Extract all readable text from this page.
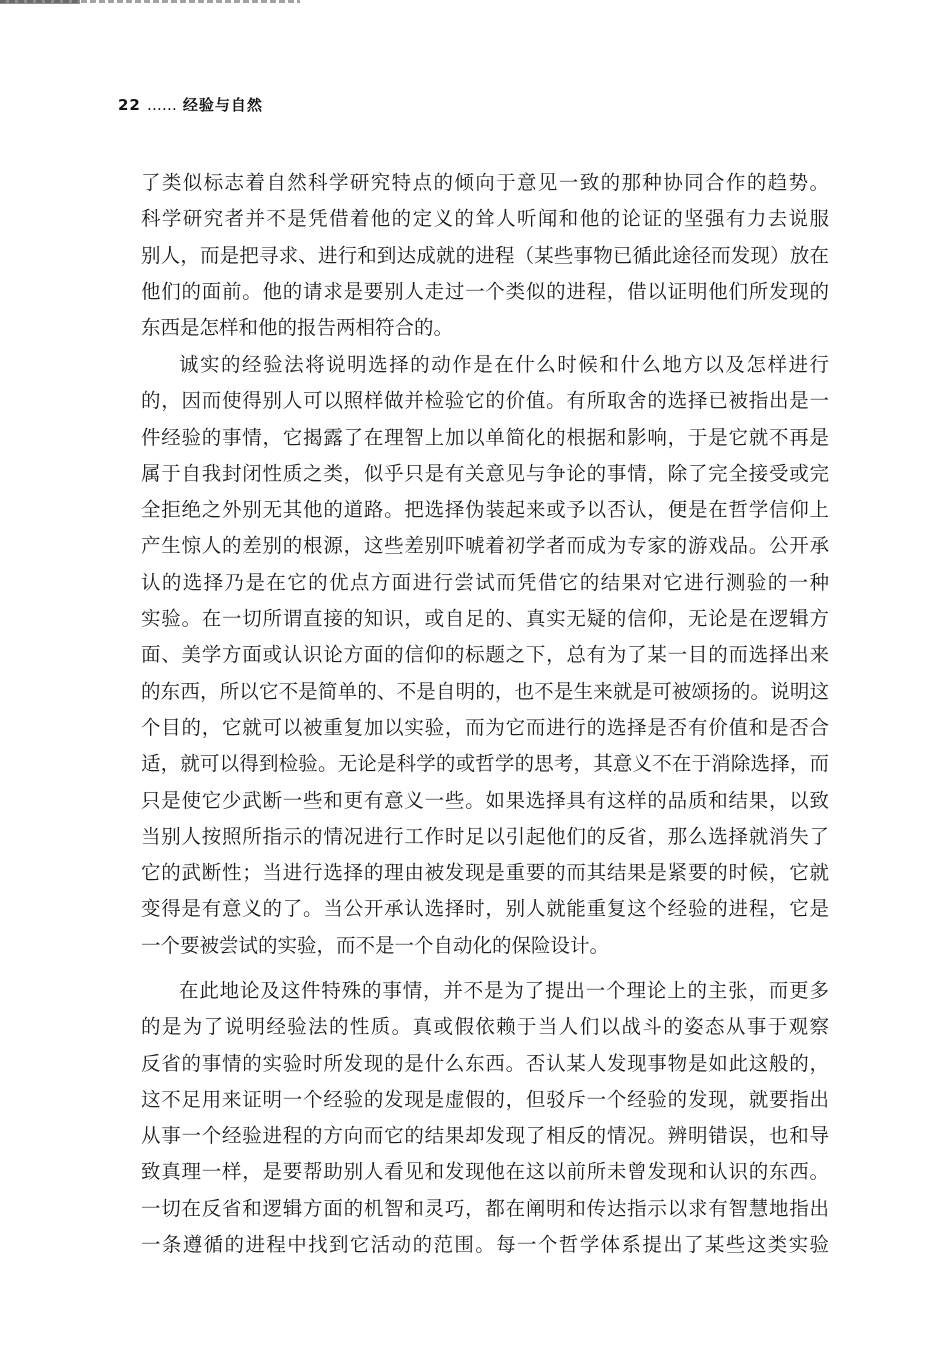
22 …… 经验与自然
了类似标志着自然科学研究特点的倾向于意见一致的那种协同合作的趋势。
科学研究者并不是凭借着他的定义的耸人听闻和他的论证的坚强有力去说服
别人，而是把寻求、进行和到达成就的进程（某些事物已循此途径而发现）放在
他们的面前。他的请求是要别人走过一个类似的进程，借以证明他们所发现的
东西是怎样和他的报告两相符合的。
诚实的经验法将说明选择的动作是在什么时候和什么地方以及怎样进行
的，因而使得别人可以照样做并检验它的价值。有所取舍的选择已被指出是一
件经验的事情，它揭露了在理智上加以单简化的根据和影响，于是它就不再是
属于自我封闭性质之类，似乎只是有关意见与争论的事情，除了完全接受或完
全拒绝之外别无其他的道路。把选择伪装起来或予以否认，便是在哲学信仰上
产生惊人的差别的根源，这些差别吓唬着初学者而成为专家的游戏品。公开承
认的选择乃是在它的优点方面进行尝试而凭借它的结果对它进行测验的一种
实验。在一切所谓直接的知识，或自足的、真实无疑的信仰，无论是在逻辑方
面、美学方面或认识论方面的信仰的标题之下，总有为了某一目的而选择出来
的东西，所以它不是简单的、不是自明的，也不是生来就是可被颂扬的。说明这
个目的，它就可以被重复加以实验，而为它而进行的选择是否有价值和是否合
适，就可以得到检验。无论是科学的或哲学的思考，其意义不在于消除选择，而
只是使它少武断一些和更有意义一些。如果选择具有这样的品质和结果，以致
当别人按照所指示的情况进行工作时足以引起他们的反省，那么选择就消失了
它的武断性；当进行选择的理由被发现是重要的而其结果是紧要的时候，它就
变得是有意义的了。当公开承认选择时，别人就能重复这个经验的进程，它是
一个要被尝试的实验，而不是一个自动化的保险设计。
在此地论及这件特殊的事情，并不是为了提出一个理论上的主张，而更多
的是为了说明经验法的性质。真或假依赖于当人们以战斗的姿态从事于观察
反省的事情的实验时所发现的是什么东西。否认某人发现事物是如此这般的，
这不足用来证明一个经验的发现是虚假的，但驳斥一个经验的发现，就要指出
从事一个经验进程的方向而它的结果却发现了相反的情况。辨明错误，也和导
致真理一样，是要帮助别人看见和发现他在这以前所未曾发现和认识的东西。
一切在反省和逻辑方面的机智和灵巧，都在阐明和传达指示以求有智慧地指出
一条遵循的进程中找到它活动的范围。每一个哲学体系提出了某些这类实验
